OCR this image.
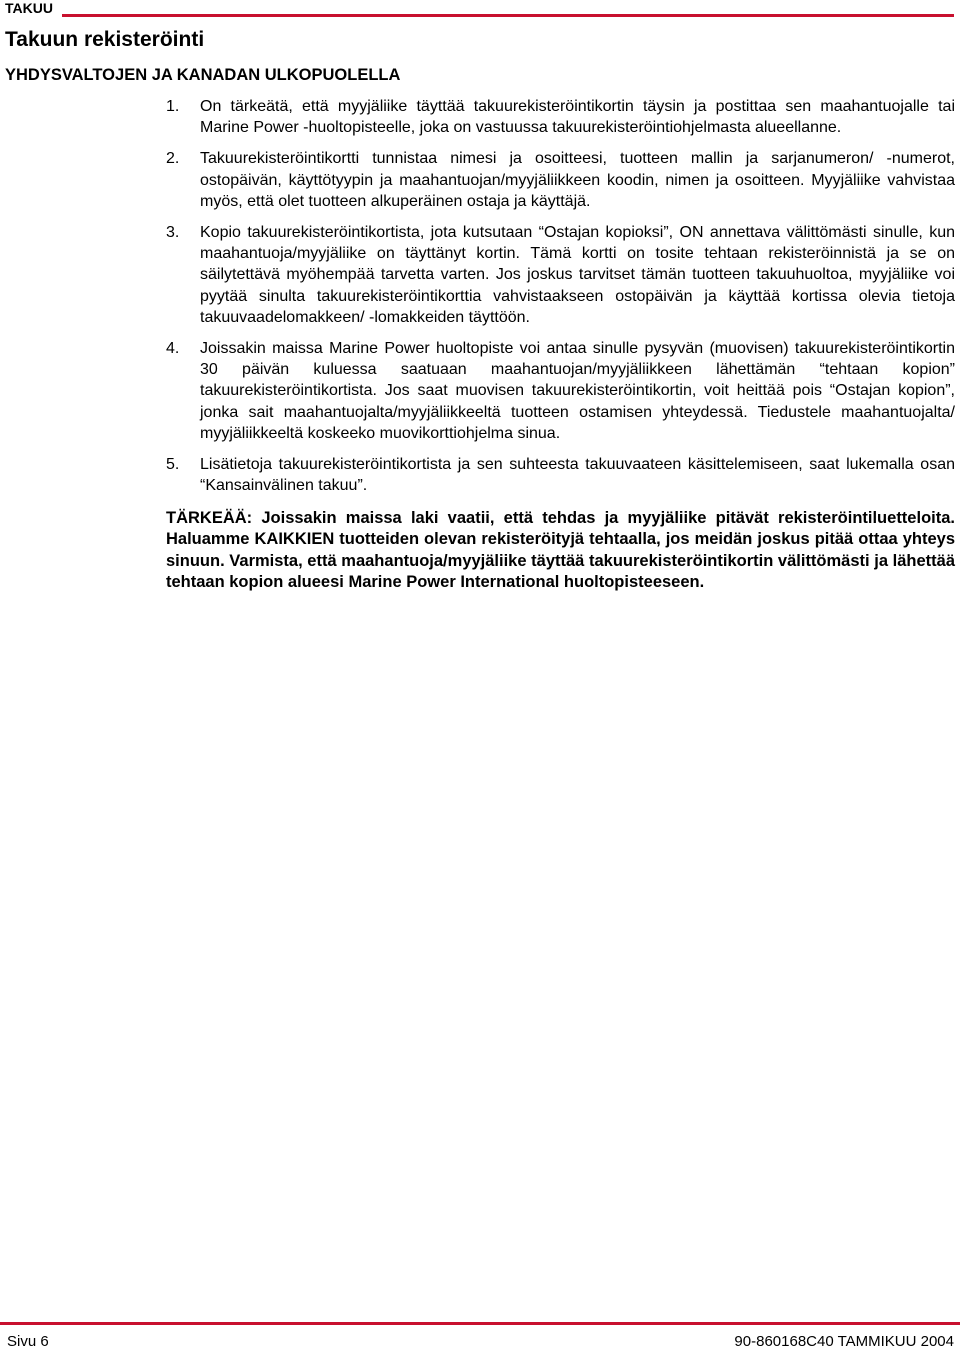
TAKUU
Takuun rekisteröinti
YHDYSVALTOJEN JA KANADAN ULKOPUOLELLA
1. On tärkeätä, että myyjäliike täyttää takuurekisteröintikortin täysin ja postittaa sen maahantuojalle tai Marine Power -huoltopisteelle, joka on vastuussa takuurekisteröintiohjelmasta alueellanne.
2. Takuurekisteröintikortti tunnistaa nimesi ja osoitteesi, tuotteen mallin ja sarjanumeron/ -numerot, ostopäivän, käyttötyypin ja maahantuojan/myyjäliikkeen koodin, nimen ja osoitteen. Myyjäliike vahvistaa myös, että olet tuotteen alkuperäinen ostaja ja käyttäjä.
3. Kopio takuurekisteröintikortista, jota kutsutaan “Ostajan kopioksi”, ON annettava välittömästi sinulle, kun maahantuoja/myyjäliike on täyttänyt kortin. Tämä kortti on tosite tehtaan rekisteröinnistä ja se on säilytettävä myöhempää tarvetta varten. Jos joskus tarvitset tämän tuotteen takuuhuoltoa, myyjäliike voi pyytää sinulta takuurekisteröintikorttia vahvistaakseen ostopäivän ja käyttää kortissa olevia tietoja takuuvaadelomakkeen/ -lomakkeiden täyttöön.
4. Joissakin maissa Marine Power huoltopiste voi antaa sinulle pysyvän (muovisen) takuurekisteröintikortin 30 päivän kuluessa saatuaan maahantuojan/myyjäliikkeen lähettämän “tehtaan kopion” takuurekisteröintikortista. Jos saat muovisen takuurekisteröintikortin, voit heittää pois “Ostajan kopion”, jonka sait maahantuojalta/myyjäliikkeeltä tuotteen ostamisen yhteydessä. Tiedustele maahantuojalta/ myyjäliikkeeltä koskeeko muovikorttiohjelma sinua.
5. Lisätietoja takuurekisteröintikortista ja sen suhteesta takuuvaateen käsittelemiseen, saat lukemalla osan “Kansainvälinen takuu”.

TÄRKEÄÄ: Joissakin maissa laki vaatii, että tehdas ja myyjäliike pitävät rekisteröintiluetteloita. Haluamme KAIKKIEN tuotteiden olevan rekisteröityjä tehtaalla, jos meidän joskus pitää ottaa yhteys sinuun. Varmista, että maahantuoja/myyjäliike täyttää takuurekisteröintikortin välittömästi ja lähettää tehtaan kopion alueesi Marine Power International huoltopisteeseen.

Sivu 6	90-860168C40 TAMMIKUU 2004
